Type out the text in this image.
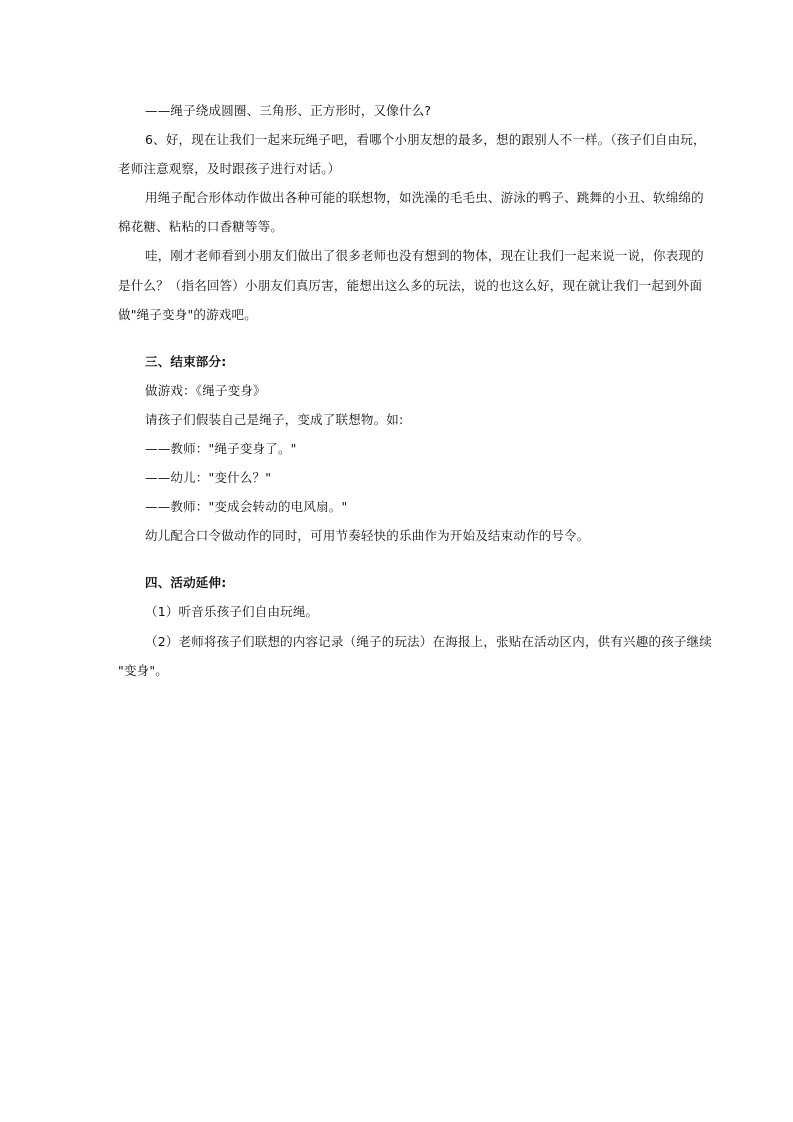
——绳子绕成圆圈、三角形、正方形时，又像什么?
6、好，现在让我们一起来玩绳子吧，看哪个小朋友想的最多，想的跟别人不一样。（孩子们自由玩，
老师注意观察，及时跟孩子进行对话。）
用绳子配合形体动作做出各种可能的联想物，如洗澡的毛毛虫、游泳的鸭子、跳舞的小丑、软绵绵的
棉花糖、粘粘的口香糖等等。
哇，刚才老师看到小朋友们做出了很多老师也没有想到的物体，现在让我们一起来说一说，你表现的
是什么？（指名回答）小朋友们真厉害，能想出这么多的玩法，说的也这么好，现在就让我们一起到外面
做"绳子变身"的游戏吧。
三、结束部分:
做游戏：《绳子变身》
请孩子们假装自己是绳子，变成了联想物。如:
——教师："绳子变身了。"
——幼儿："变什么？"
——教师："变成会转动的电风扇。"
幼儿配合口令做动作的同时，可用节奏轻快的乐曲作为开始及结束动作的号令。
四、活动延伸:
（1）听音乐孩子们自由玩绳。
（2）老师将孩子们联想的内容记录（绳子的玩法）在海报上，张贴在活动区内，供有兴趣的孩子继续
"变身"。
